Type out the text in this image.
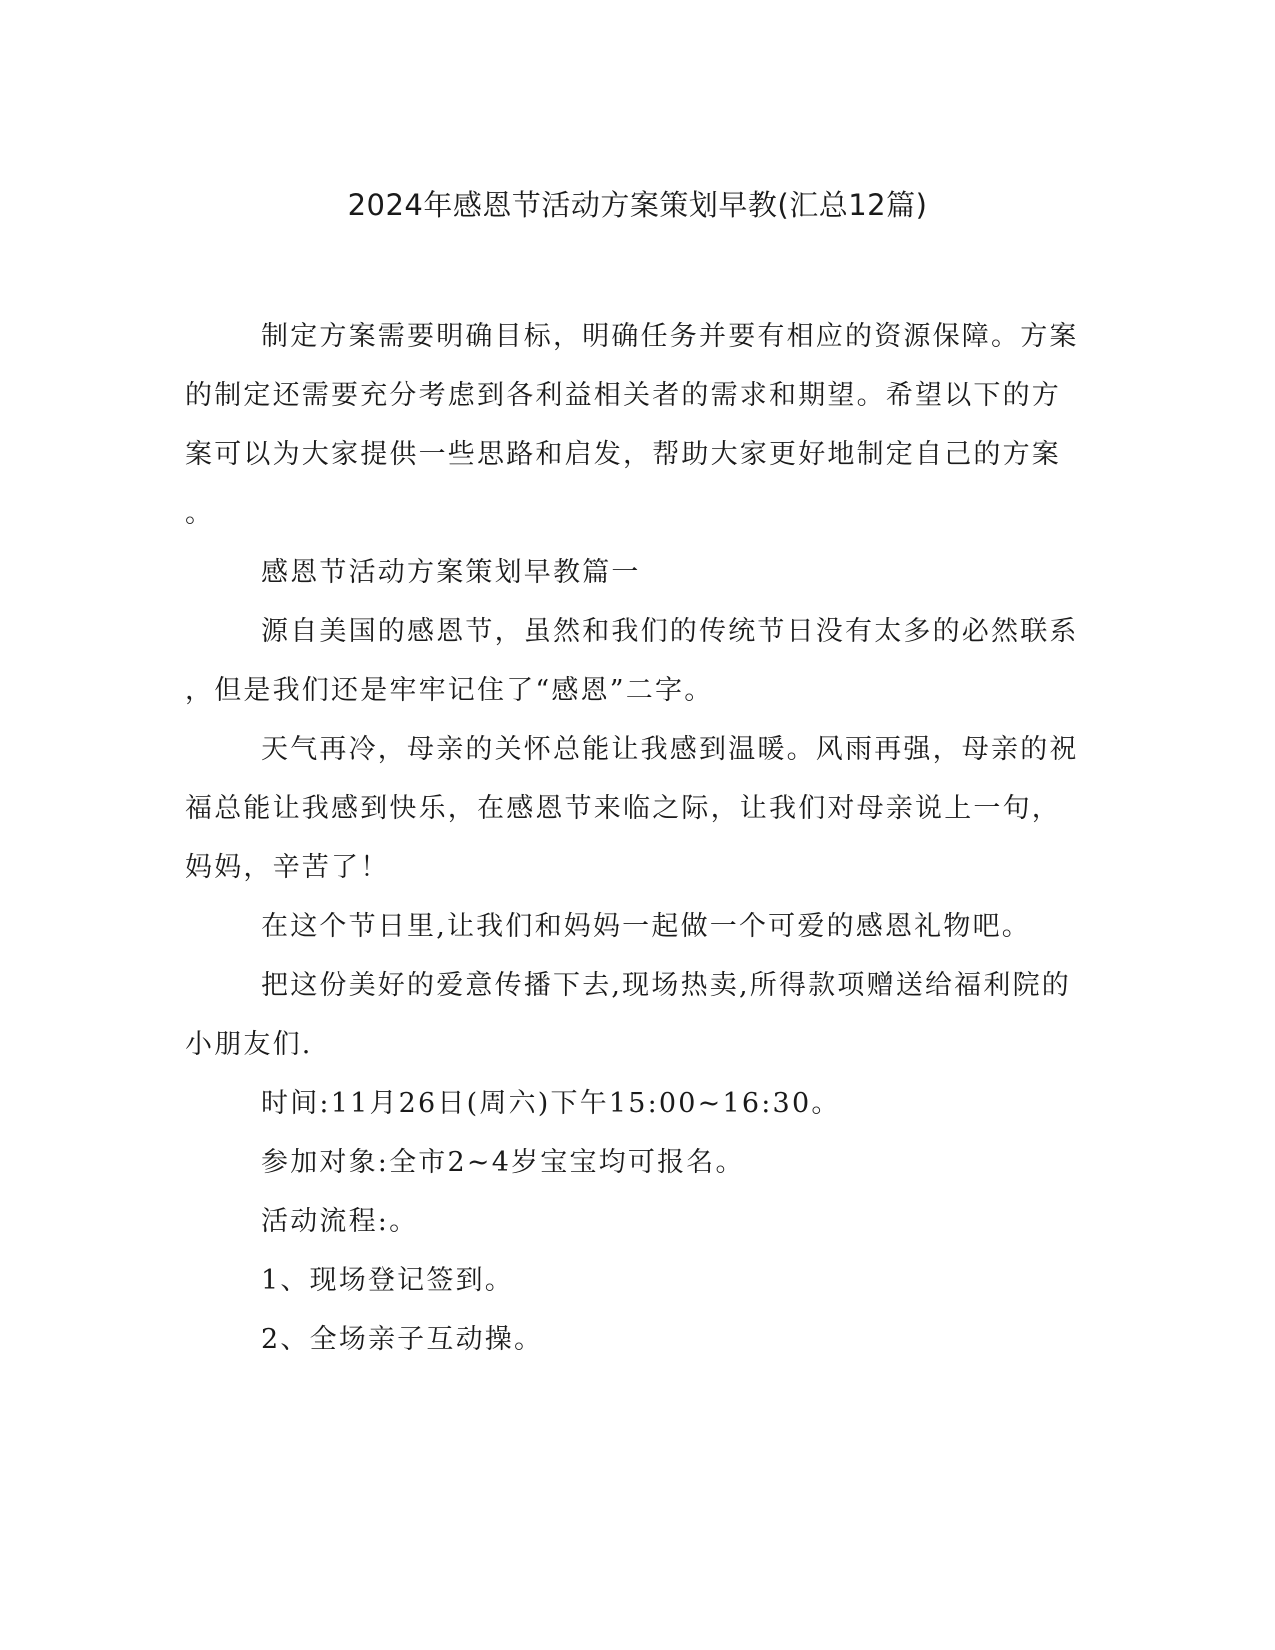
2024年感恩节活动方案策划早教(汇总12篇)
制定方案需要明确目标，明确任务并要有相应的资源保障。方案
的制定还需要充分考虑到各利益相关者的需求和期望。希望以下的方
案可以为大家提供一些思路和启发，帮助大家更好地制定自己的方案
。
感恩节活动方案策划早教篇一
源自美国的感恩节，虽然和我们的传统节日没有太多的必然联系
，但是我们还是牢牢记住了“感恩”二字。
天气再冷，母亲的关怀总能让我感到温暖。风雨再强，母亲的祝
福总能让我感到快乐，在感恩节来临之际，让我们对母亲说上一句，
妈妈，辛苦了！
在这个节日里,让我们和妈妈一起做一个可爱的感恩礼物吧。
把这份美好的爱意传播下去,现场热卖,所得款项赠送给福利院的
小朋友们.
时间:11月26日(周六)下午15:00~16:30。
参加对象:全市2~4岁宝宝均可报名。
活动流程:。
1、现场登记签到。
2、全场亲子互动操。
